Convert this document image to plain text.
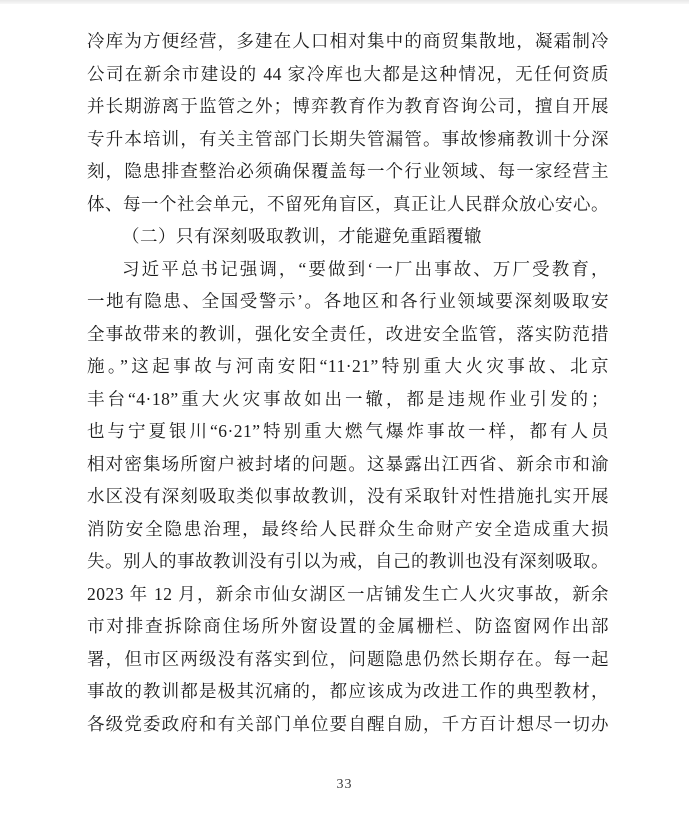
冷库为方便经营，多建在人口相对集中的商贸集散地，凝霜制冷
公司在新余市建设的 44 家冷库也大都是这种情况，无任何资质
并长期游离于监管之外；博弈教育作为教育咨询公司，擅自开展
专升本培训，有关主管部门长期失管漏管。事故惨痛教训十分深
刻，隐患排查整治必须确保覆盖每一个行业领域、每一家经营主
体、每一个社会单元，不留死角盲区，真正让人民群众放心安心。
（二）只有深刻吸取教训，才能避免重蹈覆辙
习近平总书记强调，“要做到‘一厂出事故、万厂受教育，
一地有隐患、全国受警示’。各地区和各行业领域要深刻吸取安
全事故带来的教训，强化安全责任，改进安全监管，落实防范措
施。”这起事故与河南安阳“11·21”特别重大火灾事故、北京
丰台“4·18”重大火灾事故如出一辙，都是违规作业引发的；
也与宁夏银川“6·21”特别重大燃气爆炸事故一样，都有人员
相对密集场所窗户被封堵的问题。这暴露出江西省、新余市和渝
水区没有深刻吸取类似事故教训，没有采取针对性措施扎实开展
消防安全隐患治理，最终给人民群众生命财产安全造成重大损
失。别人的事故教训没有引以为戒，自己的教训也没有深刻吸取。
2023 年 12 月，新余市仙女湖区一店铺发生亡人火灾事故，新余
市对排查拆除商住场所外窗设置的金属栅栏、防盗窗网作出部
署，但市区两级没有落实到位，问题隐患仍然长期存在。每一起
事故的教训都是极其沉痛的，都应该成为改进工作的典型教材，
各级党委政府和有关部门单位要自醒自励，千方百计想尽一切办
33
